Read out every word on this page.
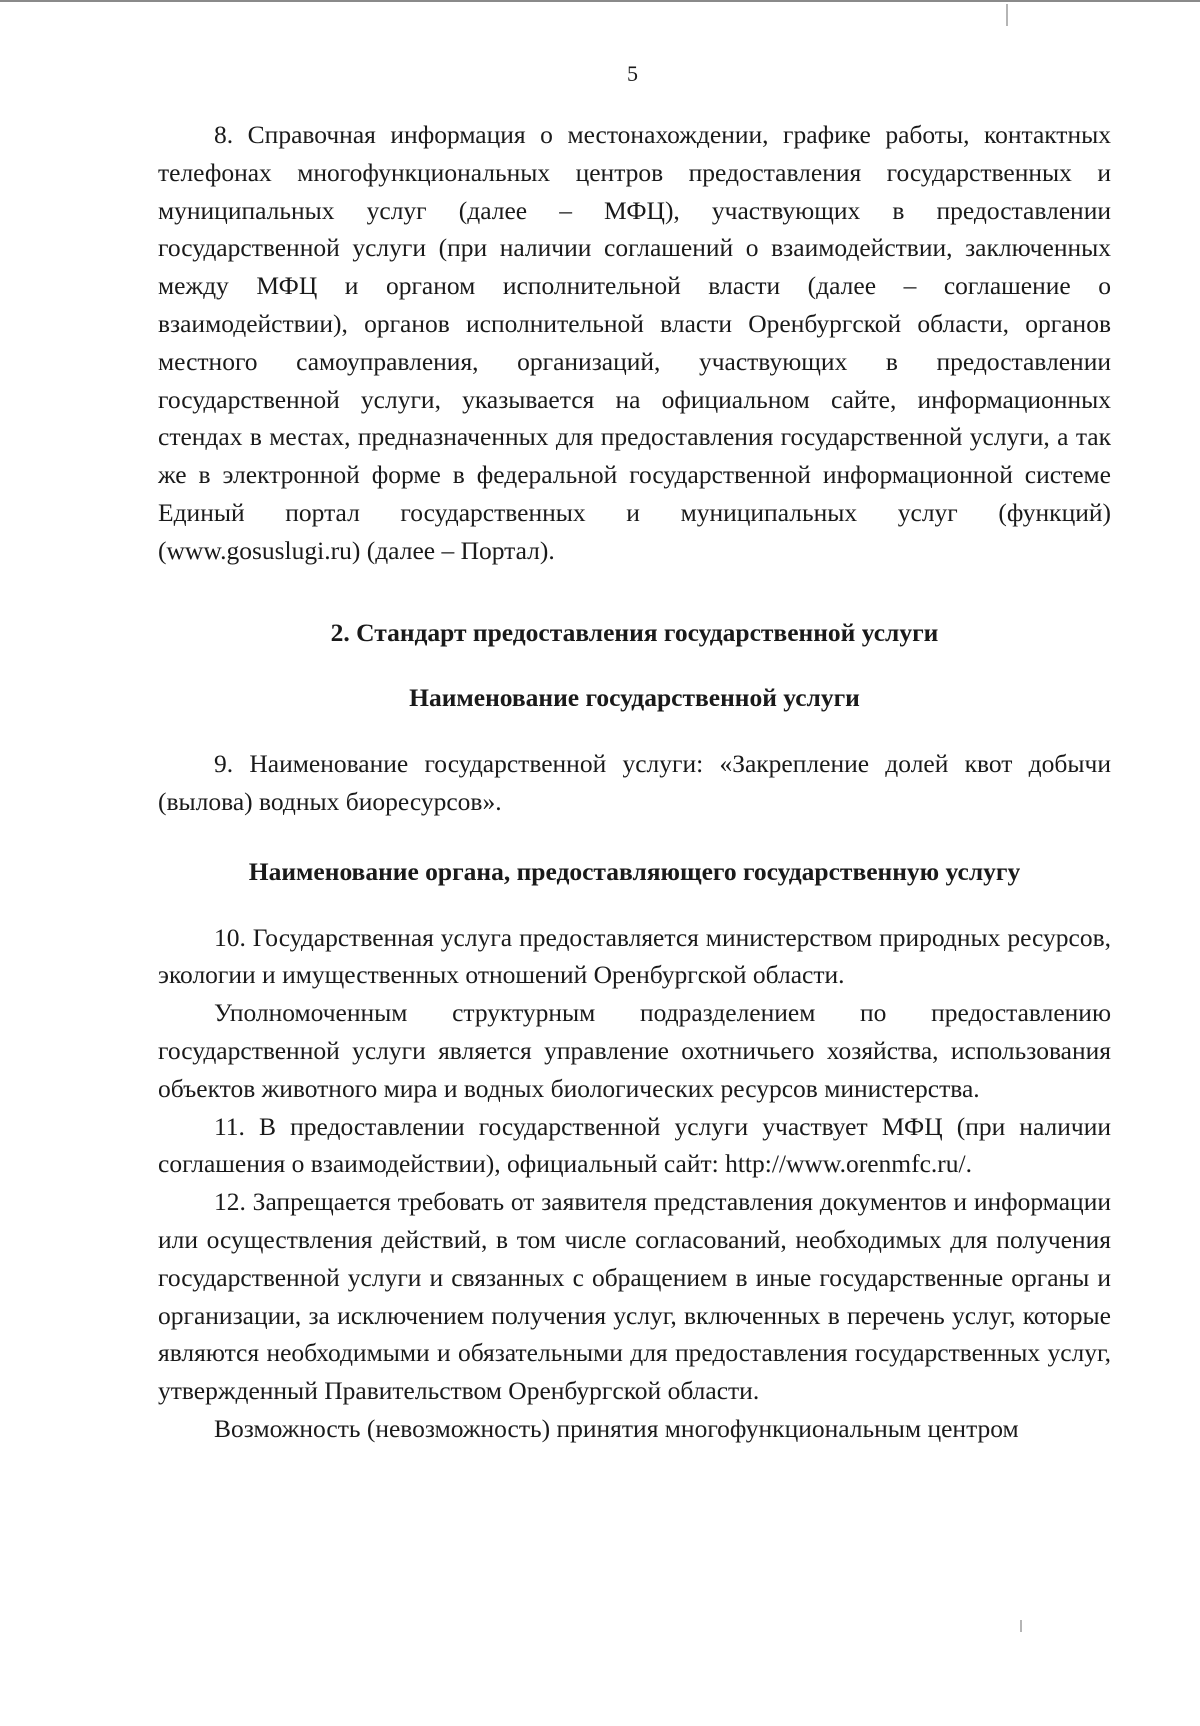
5

8. Справочная информация о местонахождении, графике работы, контактных телефонах многофункциональных центров предоставления государственных и муниципальных услуг (далее – МФЦ), участвующих в предоставлении государственной услуги (при наличии соглашений о взаимодействии, заключенных между МФЦ и органом исполнительной власти (далее – соглашение о взаимодействии), органов исполнительной власти Оренбургской области, органов местного самоуправления, организаций, участвующих в предоставлении государственной услуги, указывается на официальном сайте, информационных стендах в местах, предназначенных для предоставления государственной услуги, а так же в электронной форме в федеральной государственной информационной системе Единый портал государственных и муниципальных услуг (функций) (www.gosuslugi.ru) (далее – Портал).

2. Стандарт предоставления государственной услуги
Наименование государственной услуги

9. Наименование государственной услуги: «Закрепление долей квот добычи (вылова) водных биоресурсов».

Наименование органа, предоставляющего государственную услугу

10. Государственная услуга предоставляется министерством природных ресурсов, экологии и имущественных отношений Оренбургской области.

Уполномоченным структурным подразделением по предоставлению государственной услуги является управление охотничьего хозяйства, использования объектов животного мира и водных биологических ресурсов министерства.

11. В предоставлении государственной услуги участвует МФЦ (при наличии соглашения о взаимодействии), официальный сайт: http://www.orenmfc.ru/.

12. Запрещается требовать от заявителя представления документов и информации или осуществления действий, в том числе согласований, необходимых для получения государственной услуги и связанных с обращением в иные государственные органы и организации, за исключением получения услуг, включенных в перечень услуг, которые являются необходимыми и обязательными для предоставления государственных услуг, утвержденный Правительством Оренбургской области.

Возможность (невозможность) принятия многофункциональным центром
